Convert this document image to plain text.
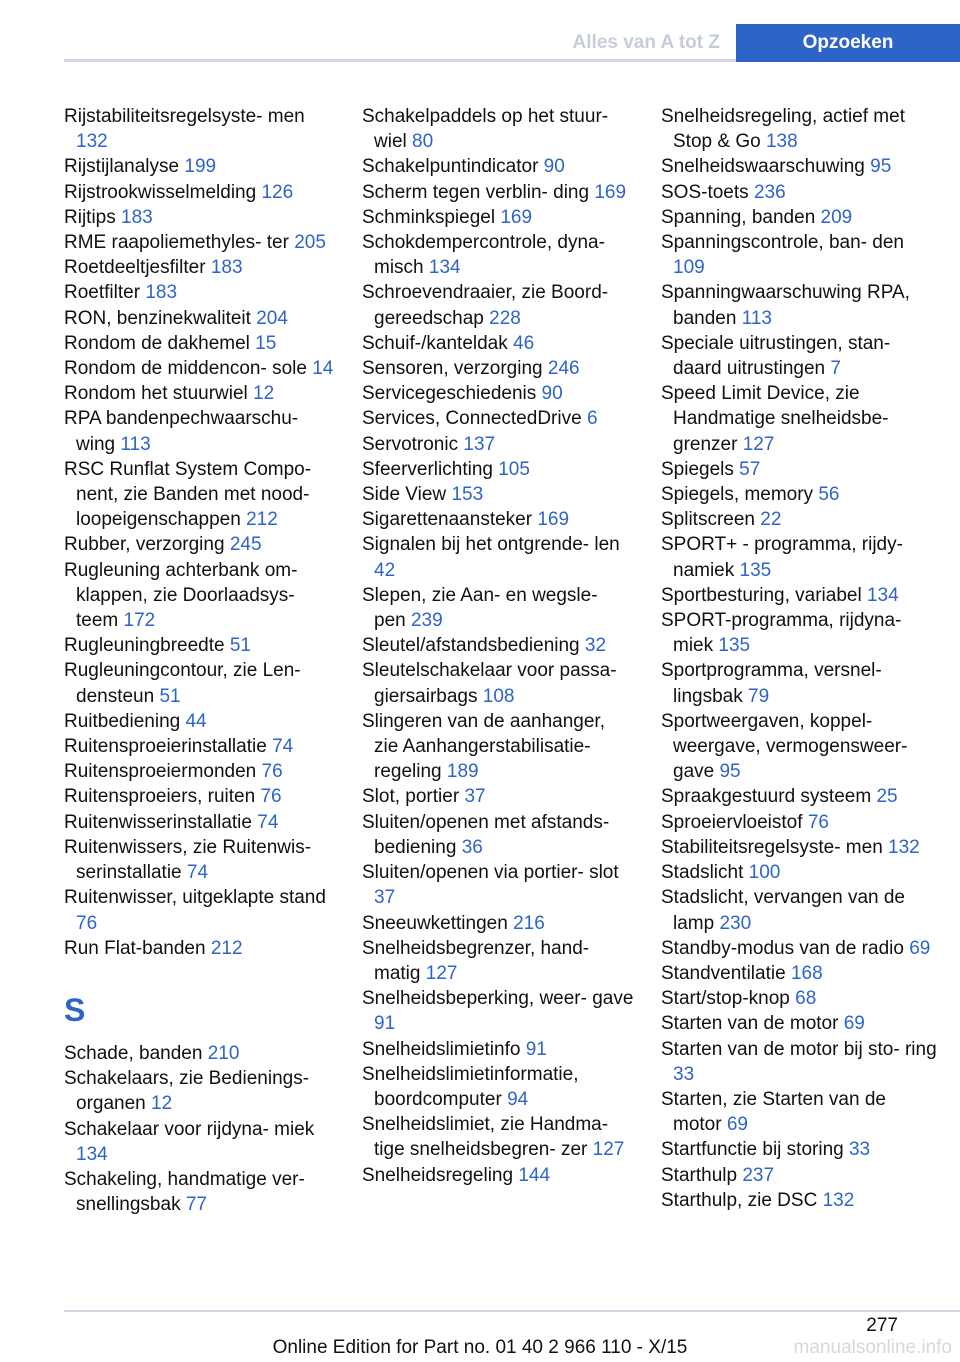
Alles van A tot Z	Opzoeken
Rijstabiliteitsregelsyste‐ men 132
Rijstijlanalyse 199
Rijstrookwisselmelding 126
Rijtips 183
RME raapoliemethyles‐ ter 205
Roetdeeltjesfilter 183
Roetfilter 183
RON, benzinekwaliteit 204
Rondom de dakhemel 15
Rondom de middencon‐ sole 14
Rondom het stuurwiel 12
RPA bandenpechwaarschu‐ wing 113
RSC Runflat System Compo‐ nent, zie Banden met nood‐ loopeigenschappen 212
Rubber, verzorging 245
Rugleuning achterbank om‐ klappen, zie Doorlaadsys‐ teem 172
Rugleuningbreedte 51
Rugleuningcontour, zie Len‐ densteun 51
Ruitbediening 44
Ruitensproeierinstallatie 74
Ruitensproeiermonden 76
Ruitensproeiers, ruiten 76
Ruitenwisserinstallatie 74
Ruitenwissers, zie Ruitenwis‐ serinstallatie 74
Ruitenwisser, uitgeklapte stand 76
Run Flat-banden 212
S
Schade, banden 210
Schakelaars, zie Bedienings‐ organen 12
Schakelaar voor rijdyna‐ miek 134
Schakeling, handmatige ver‐ snellingsbak 77
Schakelpaddels op het stuur‐ wiel 80
Schakelpuntindicator 90
Scherm tegen verblin‐ ding 169
Schminkspiegel 169
Schokdempercontrole, dyna‐ misch 134
Schroevendraaier, zie Boord‐ gereedschap 228
Schuif-/kanteldak 46
Sensoren, verzorging 246
Servicegeschiedenis 90
Services, ConnectedDrive 6
Servotronic 137
Sfeerverlichting 105
Side View 153
Sigarettenaansteker 169
Signalen bij het ontgrende‐ len 42
Slepen, zie Aan- en wegsle‐ pen 239
Sleutel/afstandsbediening 32
Sleutelschakelaar voor passa‐ giersairbags 108
Slingeren van de aanhanger, zie Aanhangerstabilisatie‐ regeling 189
Slot, portier 37
Sluiten/openen met afstands‐ bediening 36
Sluiten/openen via portier‐ slot 37
Sneeuwkettingen 216
Snelheidsbegrenzer, hand‐ matig 127
Snelheidsbeperking, weer‐ gave 91
Snelheidslimietinfo 91
Snelheidslimietinformatie, boordcomputer 94
Snelheidslimiet, zie Handma‐ tige snelheidsbegren‐ zer 127
Snelheidsregeling 144
Snelheidsregeling, actief met Stop & Go 138
Snelheidswaarschuwing 95
SOS-toets 236
Spanning, banden 209
Spanningscontrole, ban‐ den 109
Spanningwaarschuwing RPA, banden 113
Speciale uitrustingen, stan‐ daard uitrustingen 7
Speed Limit Device, zie Handmatige snelheidsbe‐ grenzer 127
Spiegels 57
Spiegels, memory 56
Splitscreen 22
SPORT+ - programma, rijdy‐ namiek 135
Sportbesturing, variabel 134
SPORT-programma, rijdyna‐ miek 135
Sportprogramma, versnel‐ lingsbak 79
Sportweergaven, koppel‐ weergave, vermogensweer‐ gave 95
Spraakgestuurd systeem 25
Sproeiervloeistof 76
Stabiliteitsregelsyste‐ men 132
Stadslicht 100
Stadslicht, vervangen van de lamp 230
Standby-modus van de radio 69
Standventilatie 168
Start/stop-knop 68
Starten van de motor 69
Starten van de motor bij sto‐ ring 33
Starten, zie Starten van de motor 69
Startfunctie bij storing 33
Starthulp 237
Starthulp, zie DSC 132
277
Online Edition for Part no. 01 40 2 966 110 - X/15	manualsonline.info
